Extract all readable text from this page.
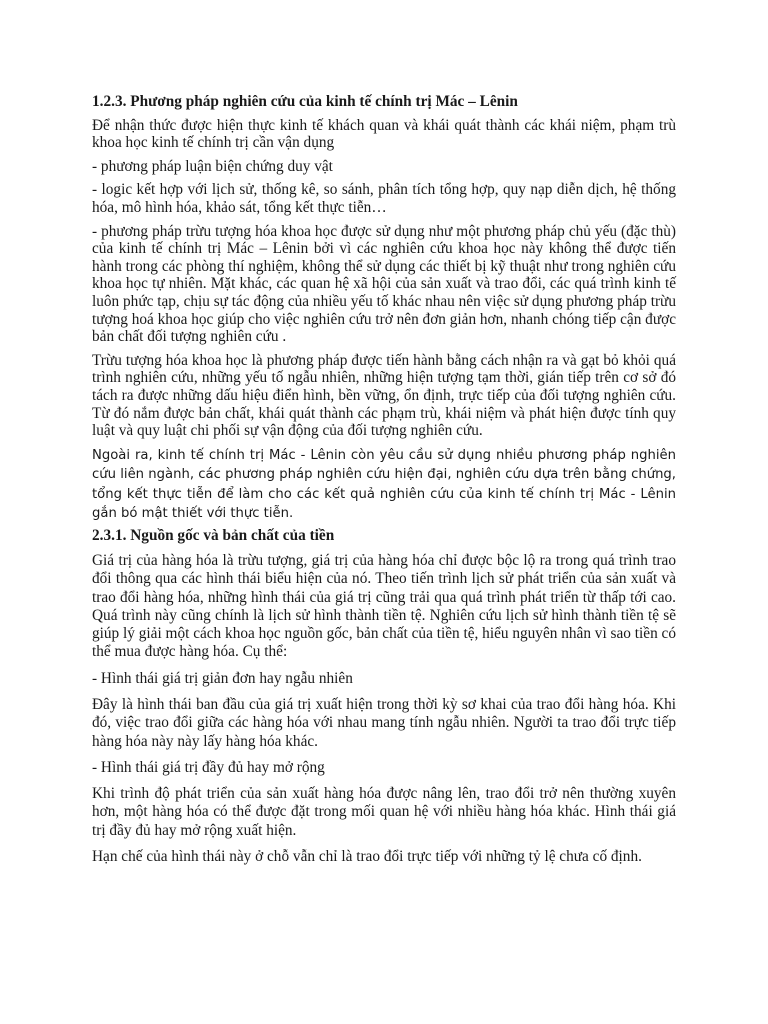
1.2.3. Phương pháp nghiên cứu của kinh tế chính trị Mác – Lênin

Để nhận thức được hiện thực kinh tế khách quan và khái quát thành các khái niệm, phạm trù khoa học kinh tế chính trị cần vận dụng

- phương pháp luận biện chứng duy vật

- logic kết hợp với lịch sử, thống kê, so sánh, phân tích tổng hợp, quy nạp diễn dịch, hệ thống hóa, mô hình hóa, khảo sát, tổng kết thực tiễn…

- phương pháp trừu tượng hóa khoa học được sử dụng như một phương pháp chủ yếu (đặc thù) của kinh tế chính trị Mác – Lênin bởi vì các nghiên cứu khoa học này không thể được tiến hành trong các phòng thí nghiệm, không thể sử dụng các thiết bị kỹ thuật như trong nghiên cứu khoa học tự nhiên. Mặt khác, các quan hệ xã hội của sản xuất và trao đổi, các quá trình kinh tế luôn phức tạp, chịu sự tác động của nhiều yếu tố khác nhau nên việc sử dụng phương pháp trừu tượng hoá khoa học giúp cho việc nghiên cứu trở nên đơn giản hơn, nhanh chóng tiếp cận được bản chất đối tượng nghiên cứu .

Trừu tượng hóa khoa học là phương pháp được tiến hành bằng cách nhận ra và gạt bỏ khỏi quá trình nghiên cứu, những yếu tố ngẫu nhiên, những hiện tượng tạm thời, gián tiếp trên cơ sở đó tách ra được những dấu hiệu điển hình, bền vững, ổn định, trực tiếp của đối tượng nghiên cứu. Từ đó nắm được bản chất, khái quát thành các phạm trù, khái niệm và phát hiện được tính quy luật và quy luật chi phối sự vận động của đối tượng nghiên cứu.

Ngoài ra, kinh tế chính trị Mác - Lênin còn yêu cầu sử dụng nhiều phương pháp nghiên cứu liên ngành, các phương pháp nghiên cứu hiện đại, nghiên cứu dựa trên bằng chứng, tổng kết thực tiễn để làm cho các kết quả nghiên cứu của kinh tế chính trị Mác - Lênin gắn bó mật thiết với thực tiễn.

2.3.1. Nguồn gốc và bản chất của tiền

Giá trị của hàng hóa là trừu tượng, giá trị của hàng hóa chỉ được bộc lộ ra trong quá trình trao đổi thông qua các hình thái biểu hiện của nó. Theo tiến trình lịch sử phát triển của sản xuất và trao đổi hàng hóa, những hình thái của giá trị cũng trải qua quá trình phát triển từ thấp tới cao. Quá trình này cũng chính là lịch sử hình thành tiền tệ. Nghiên cứu lịch sử hình thành tiền tệ sẽ giúp lý giải một cách khoa học nguồn gốc, bản chất của tiền tệ, hiểu nguyên nhân vì sao tiền có thể mua được hàng hóa. Cụ thể:

- Hình thái giá trị giản đơn hay ngẫu nhiên

Đây là hình thái ban đầu của giá trị xuất hiện trong thời kỳ sơ khai của trao đổi hàng hóa. Khi đó, việc trao đổi giữa các hàng hóa với nhau mang tính ngẫu nhiên. Người ta trao đổi trực tiếp hàng hóa này này lấy hàng hóa khác.

- Hình thái giá trị đầy đủ hay mở rộng

Khi trình độ phát triển của sản xuất hàng hóa được nâng lên, trao đổi trở nên thường xuyên hơn, một hàng hóa có thể được đặt trong mối quan hệ với nhiều hàng hóa khác. Hình thái giá trị đầy đủ hay mở rộng xuất hiện.

Hạn chế của hình thái này ở chỗ vẫn chỉ là trao đổi trực tiếp với những tỷ lệ chưa cố định.
